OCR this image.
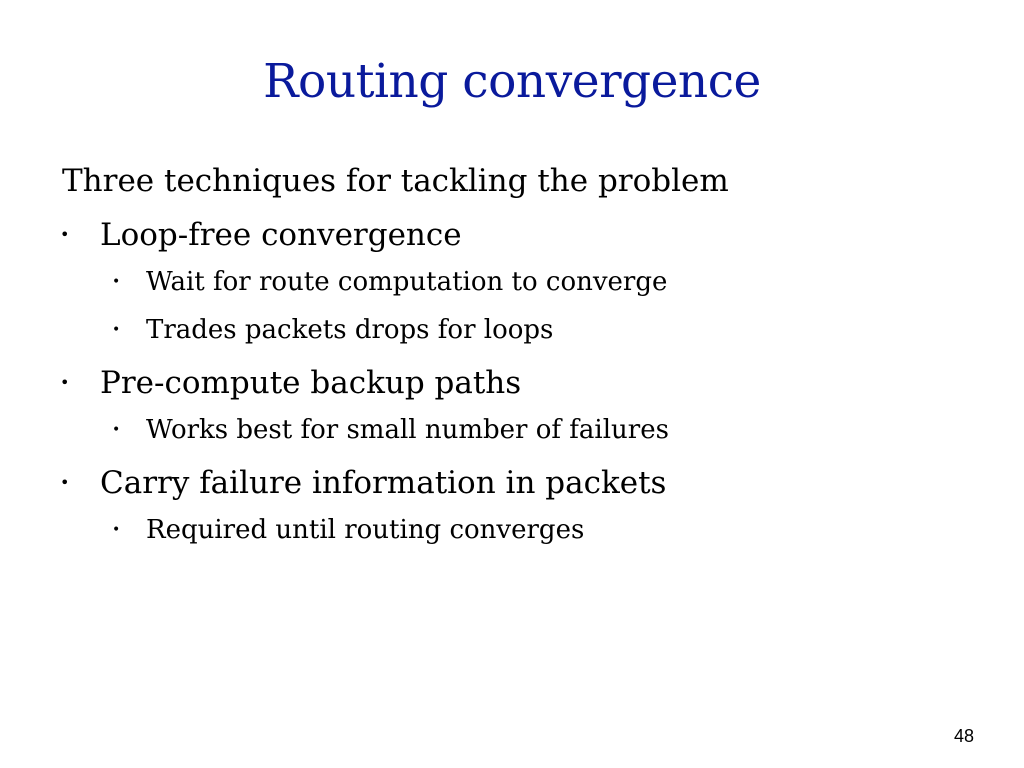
Routing convergence
Three techniques for tackling the problem
• Loop-free convergence
• Wait for route computation to converge
• Trades packets drops for loops
• Pre-compute backup paths
• Works best for small number of failures
• Carry failure information in packets
• Required until routing converges
48
